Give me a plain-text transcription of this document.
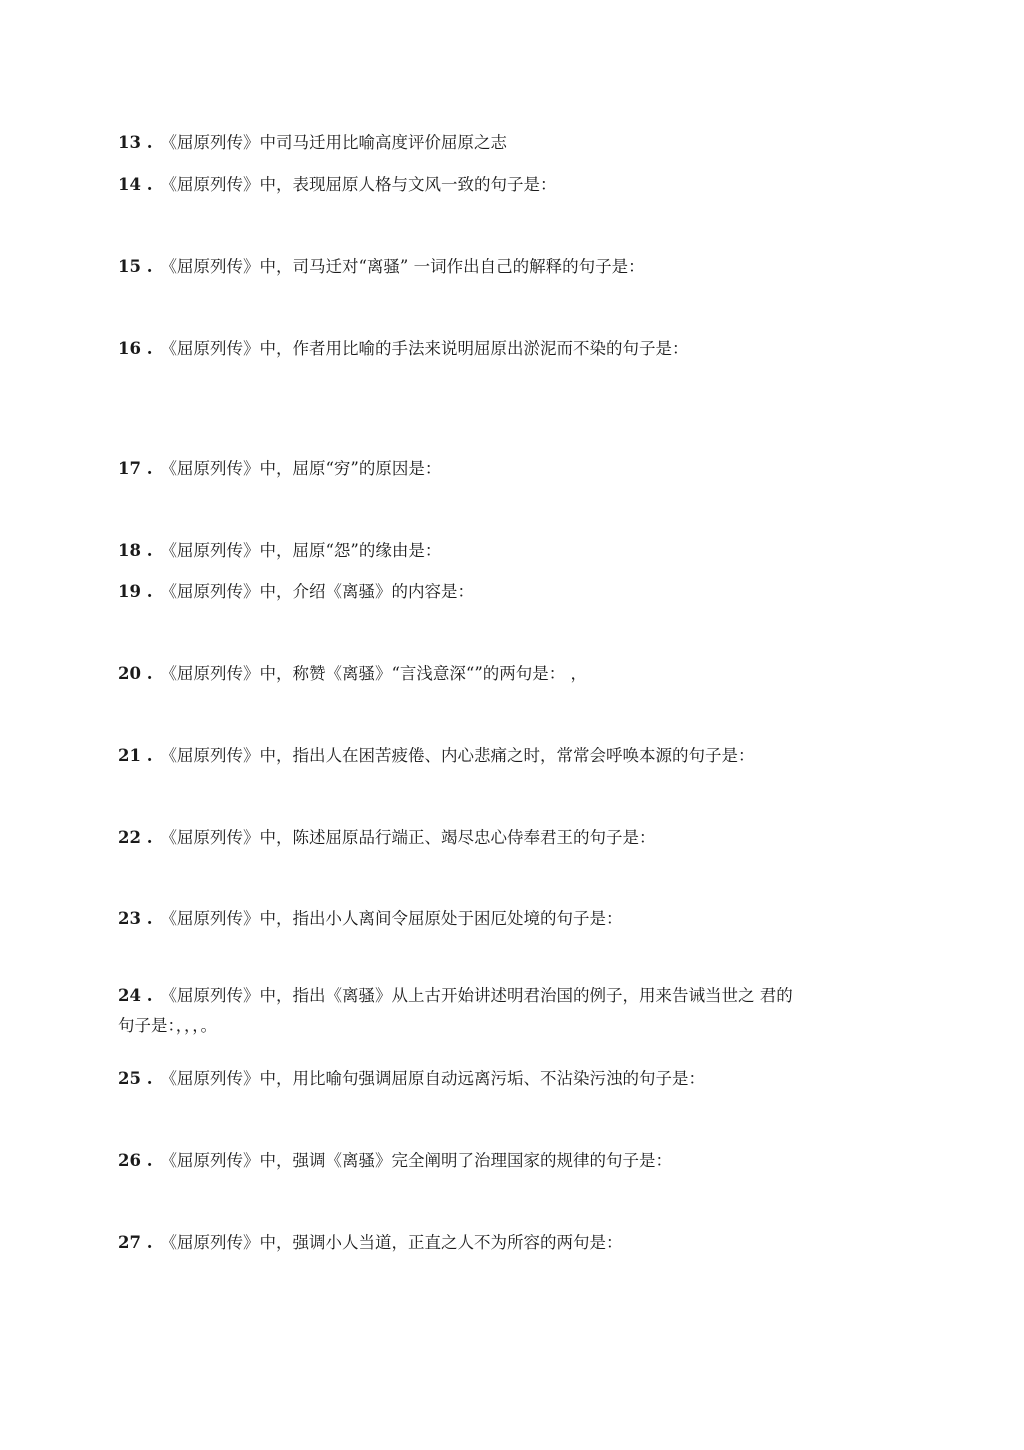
13 . 《屈原列传》中司马迁用比喻高度评价屈原之志
14 . 《屈原列传》中，表现屈原人格与文风一致的句子是：
15 . 《屈原列传》中，司马迁对“离骚” 一词作出自己的解释的句子是：
16 . 《屈原列传》中，作者用比喻的手法来说明屈原出淤泥而不染的句子是：
17 . 《屈原列传》中，屈原“穷”的原因是：
18 . 《屈原列传》中，屈原“怨”的缘由是：
19 . 《屈原列传》中，介绍《离骚》的内容是：
20 . 《屈原列传》中，称赞《离骚》“言浅意深“”的两句是： ，
21 . 《屈原列传》中，指出人在困苦疲倦、内心悲痛之时，常常会呼唤本源的句子是：
22 . 《屈原列传》中，陈述屈原品行端正、竭尽忠心侍奉君王的句子是：
23 . 《屈原列传》中，指出小人离间令屈原处于困厄处境的句子是：
24 . 《屈原列传》中，指出《离骚》从上古开始讲述明君治国的例子，用来告诫当世之 君的
句子是：，，，。
25 . 《屈原列传》中，用比喻句强调屈原自动远离污垢、不沾染污浊的句子是：
26 . 《屈原列传》中，强调《离骚》完全阐明了治理国家的规律的句子是：
27 . 《屈原列传》中，强调小人当道，正直之人不为所容的两句是：
